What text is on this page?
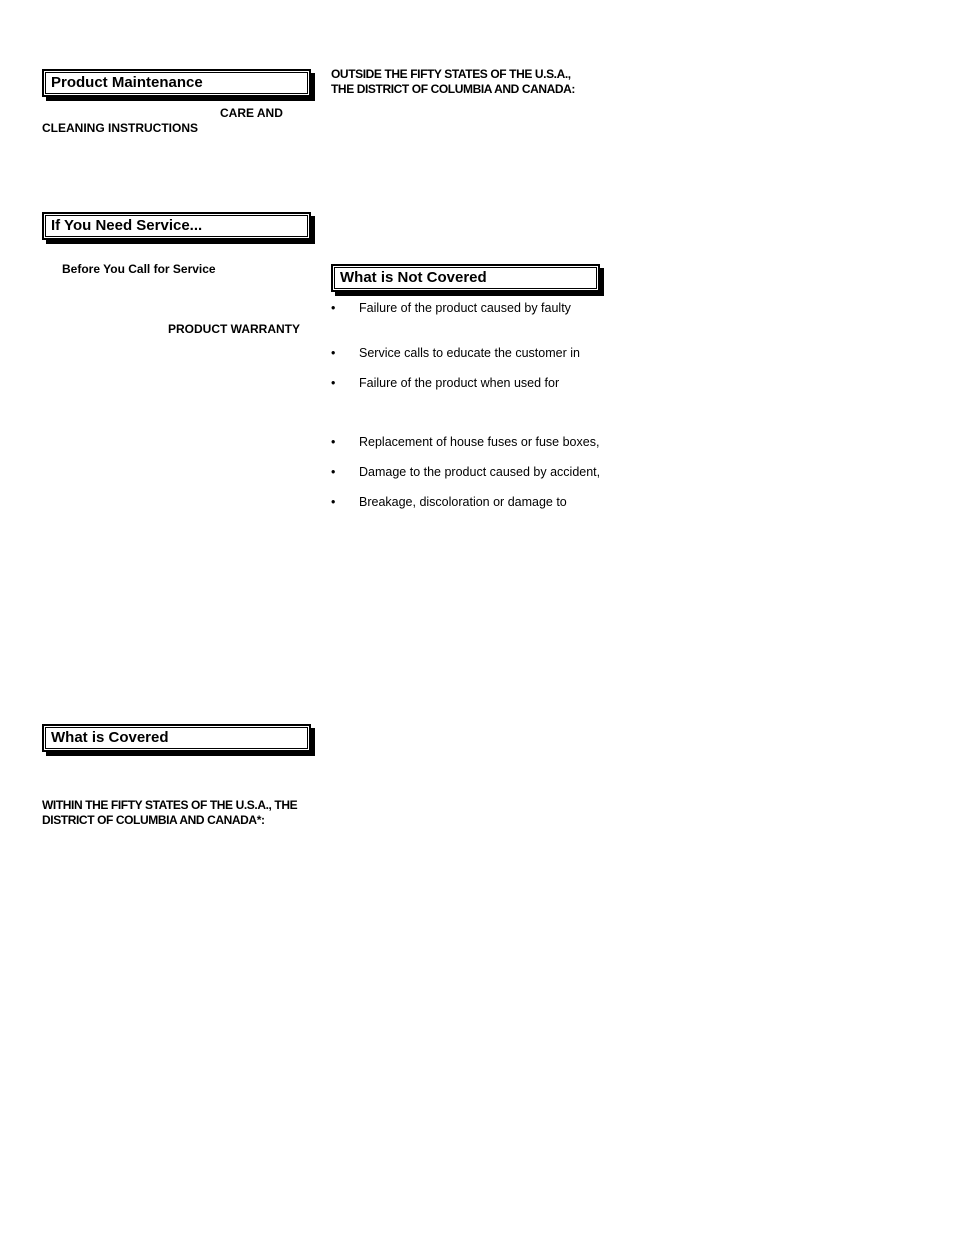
Product Maintenance
CARE AND
CLEANING INSTRUCTIONS
If You Need Service...
Before You Call for Service
PRODUCT WARRANTY
What is Covered
WITHIN THE FIFTY STATES OF THE U.S.A., THE
DISTRICT OF COLUMBIA AND CANADA*:
OUTSIDE THE FIFTY STATES OF THE U.S.A.,
THE DISTRICT OF COLUMBIA AND CANADA:
What is Not Covered
• Failure of the product caused by faulty
• Service calls to educate the customer in
• Failure of the product when used for
• Replacement of house fuses or fuse boxes,
• Damage to the product caused by accident,
• Breakage, discoloration or damage to
